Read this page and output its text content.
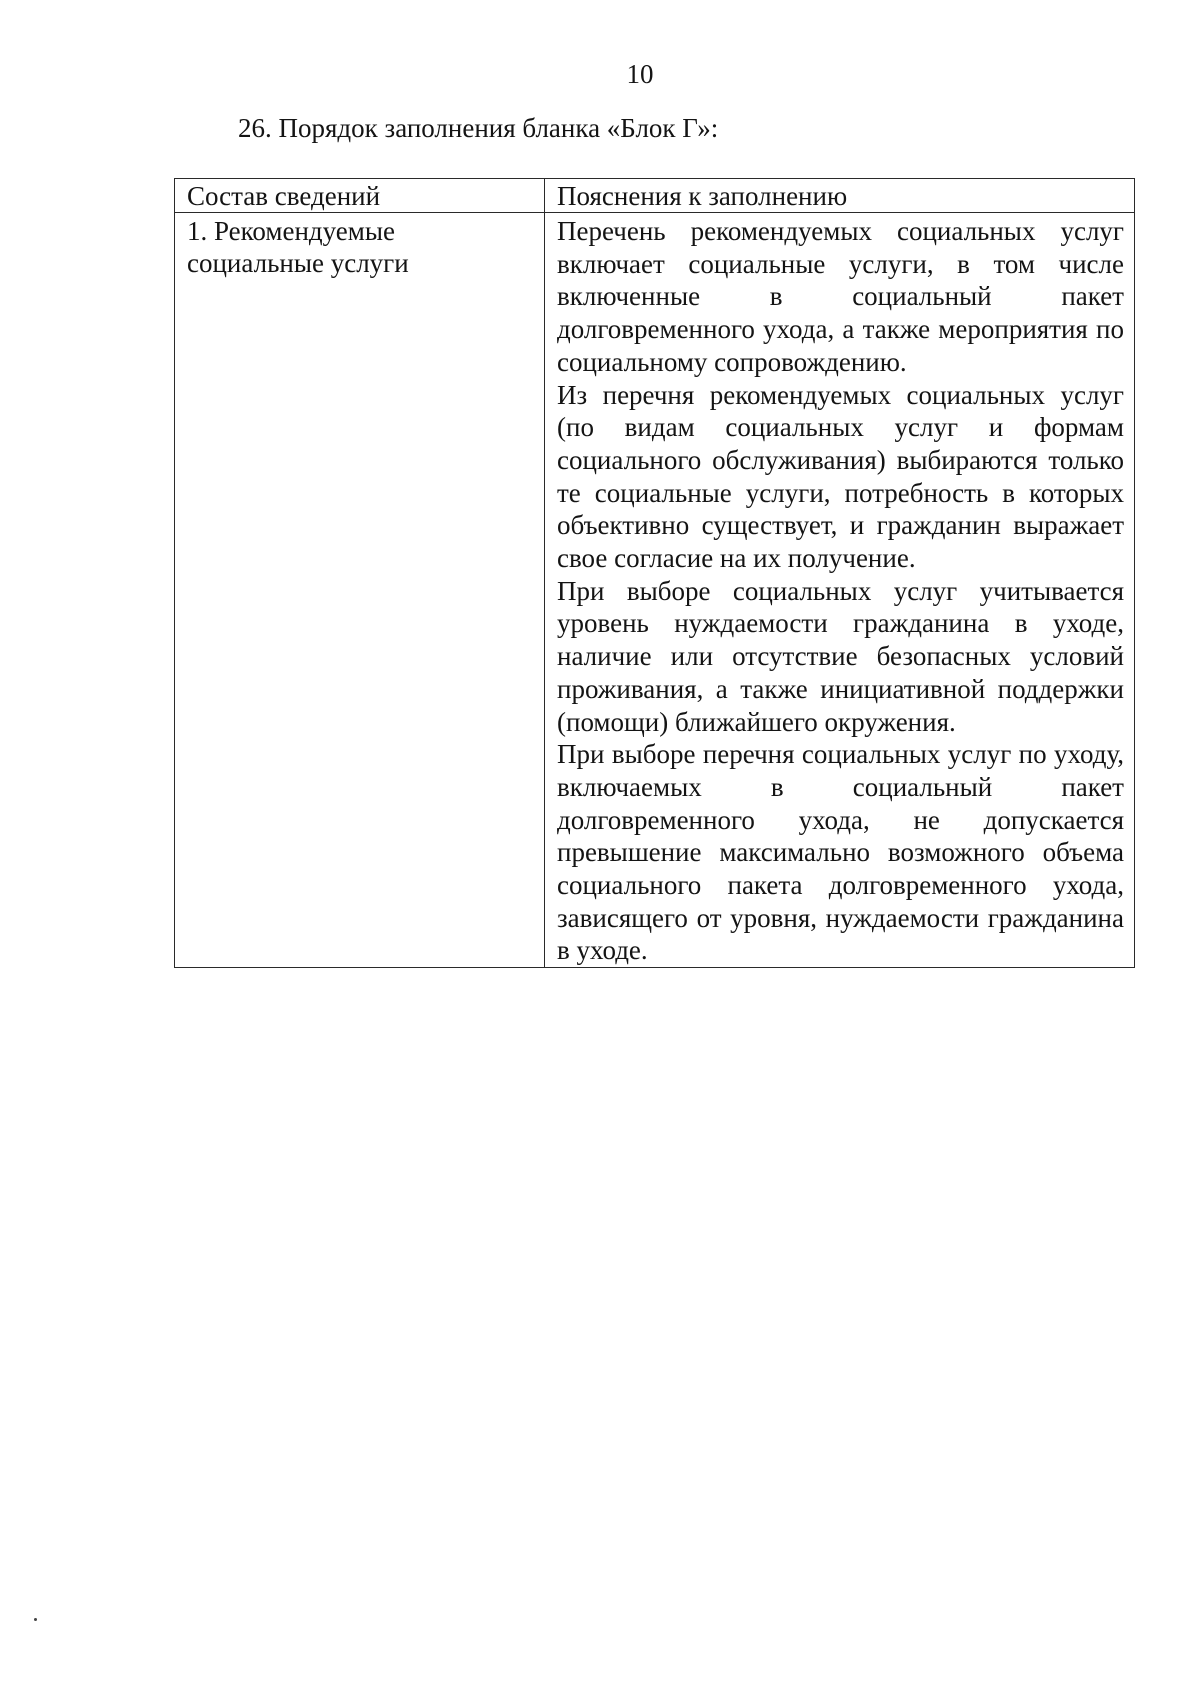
10
26. Порядок заполнения бланка «Блок Г»:
Состав сведений	Пояснения к заполнению
1. Рекомендуемые социальные услуги	Перечень рекомендуемых социальных услуг включает социальные услуги, в том числе включенные в социальный пакет долговременного ухода, а также мероприятия по социальному сопровождению.

Из перечня рекомендуемых социальных услуг (по видам социальных услуг и формам социального обслуживания) выбираются только те социальные услуги, потребность в которых объективно существует, и гражданин выражает свое согласие на их получение.

При выборе социальных услуг учитывается уровень нуждаемости гражданина в уходе, наличие или отсутствие безопасных условий проживания, а также инициативной поддержки (помощи) ближайшего окружения.

При выборе перечня социальных услуг по уходу, включаемых в социальный пакет долговременного ухода, не допускается превышение максимально возможного объема социального пакета долговременного ухода, зависящего от уровня, нуждаемости гражданина в уходе.
